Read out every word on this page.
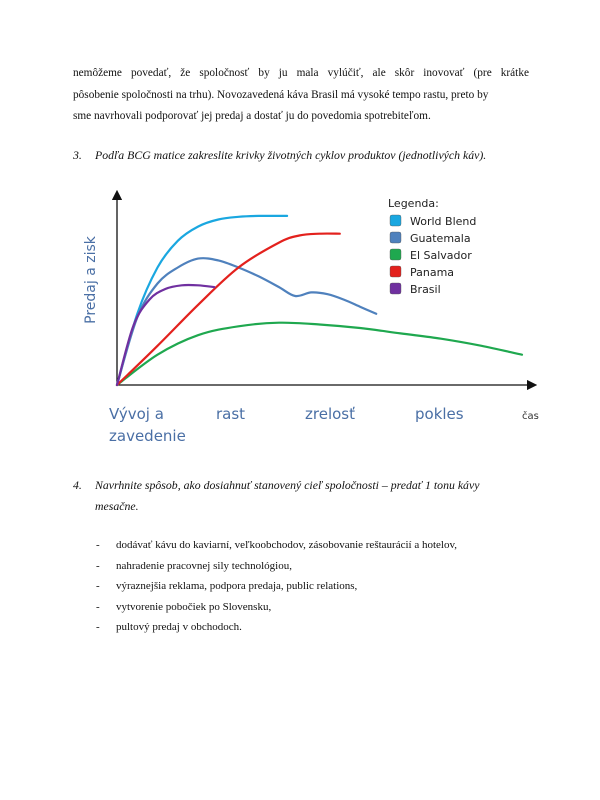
nemôžeme povedať, že spoločnosť by ju mala vylúčiť, ale skôr inovovať (pre krátke
pôsobenie spoločnosti na trhu). Novozavedená káva Brasil má vysoké tempo rastu, preto by
sme navrhovali podporovať jej predaj a dostať ju do povedomia spotrebiteľom.
3. Podľa BCG matice zakreslite krivky životných cyklov produktov (jednotlivých káv).
Predaj a zisk
Legenda:
World Blend
Guatemala
El Salvador
Panama
Brasil
Vývoj a
zavedenie
rast	zrelosť	pokles	čas
4. Navrhnite spôsob, ako dosiahnuť stanovený cieľ spoločnosti – predať 1 tonu kávy
mesačne.
- dodávať kávu do kaviarní, veľkoobchodov, zásobovanie reštaurácií a hotelov,
- nahradenie pracovnej sily technológiou,
- výraznejšia reklama, podpora predaja, public relations,
- vytvorenie pobočiek po Slovensku,
- pultový predaj v obchodoch.
